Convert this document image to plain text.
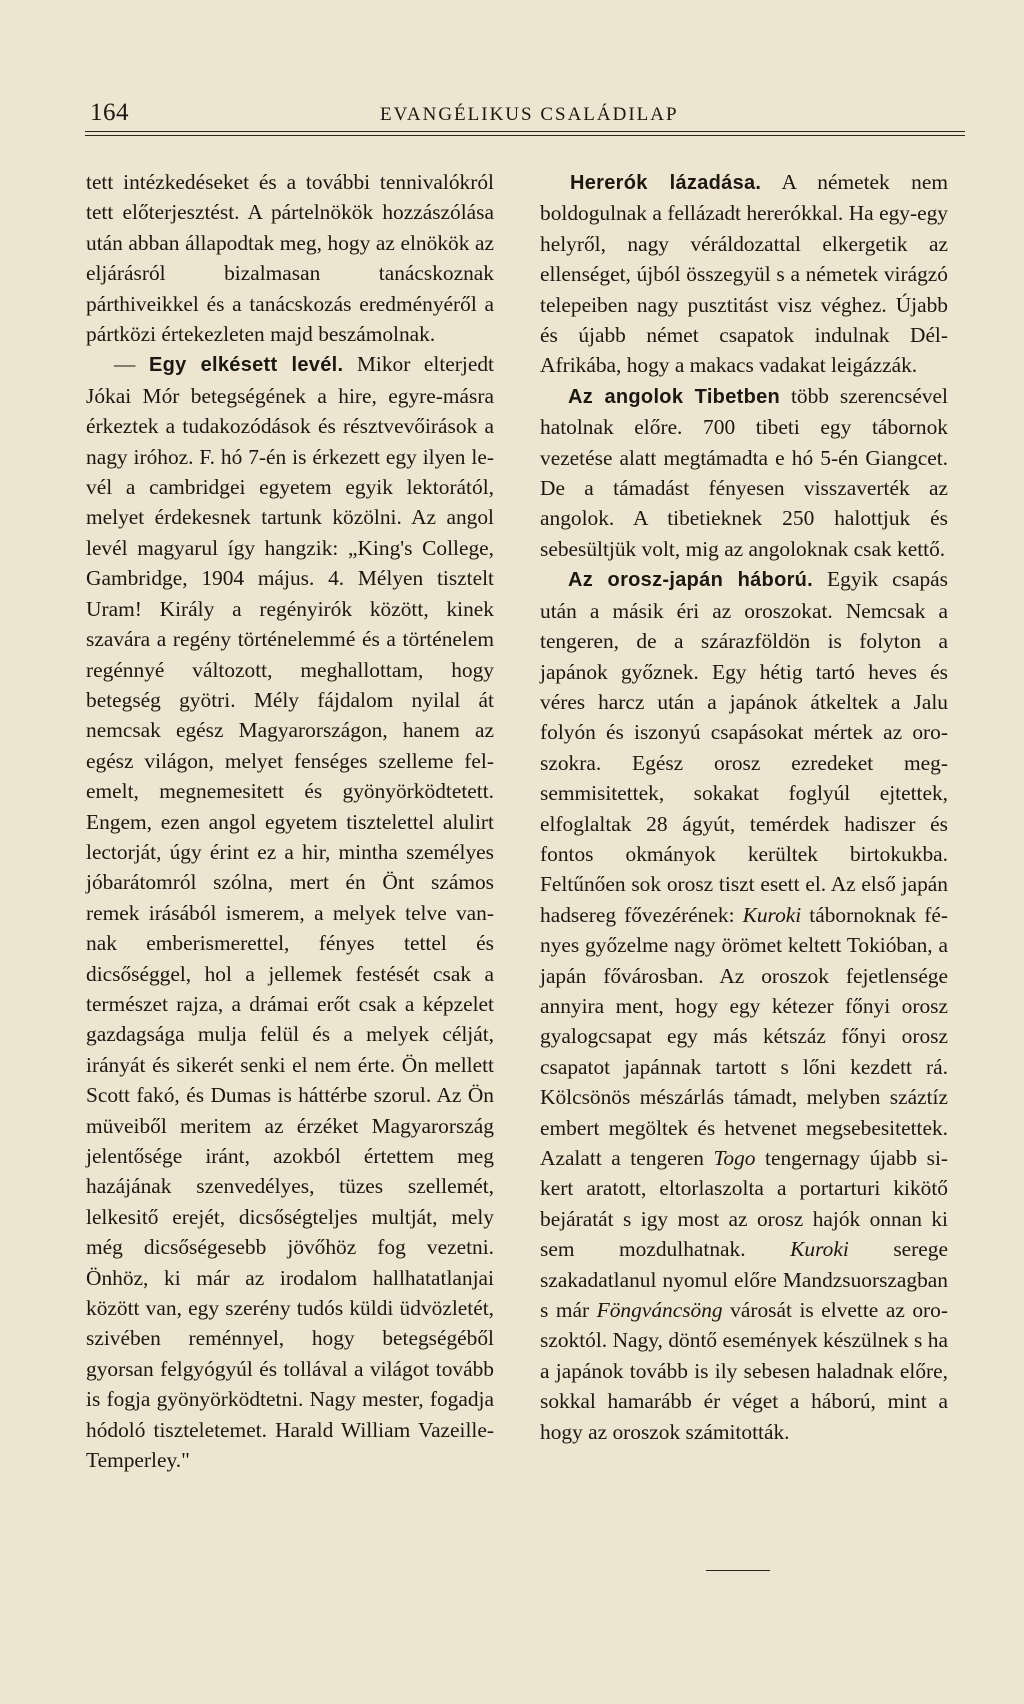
164	EVANGÉLIKUS CSALÁDILAP

tett intézkedéseket és a további tennivalókról tett előterjesztést. A pártelnökök hozzászólása után abban állapodtak meg, hogy az elnökök az eljárásról bizalmasan tanácskoznak párthiveikkel és a tanácskozás eredményéről a pártközi értekezleten majd beszámolnak.

— Egy elkésett levél. Mikor elterjedt Jókai Mór betegségének a hire, egyre-másra érkeztek a tudakozódások és résztvevőirások a nagy iróhoz. F. hó 7-én is érkezett egy ilyen levél a cambridgei egyetem egyik lektorától, melyet érdekesnek tartunk közölni. Az angol levél magyarul így hangzik: „King's College, Gambridge, 1904 május. 4. Mélyen tisztelt Uram! Király a regényirók között, kinek szavára a regény történelemmé és a történelem regénnyé változott, meghallottam, hogy betegség gyötri. Mély fájdalom nyilal át nemcsak egész Magyarországon, hanem az egész világon, melyet fenséges szelleme felemelt, megnemesitett és gyönyörködtetett. Engem, ezen angol egyetem tisztelettel alulirt lectorját, úgy érint ez a hir, mintha személyes jóbarátomról szólna, mert én Önt számos remek irásából ismerem, a melyek telve vannak emberismerettel, fényes tettel és dicsőséggel, hol a jellemek festését csak a természet rajza, a drámai erőt csak a képzelet gazdagsága mulja felül és a melyek célját, irányát és sikerét senki el nem érte. Ön mellett Scott fakó, és Dumas is háttérbe szorul. Az Ön müveiből meritem az érzéket Magyarország jelentősége iránt, azokból értettem meg hazájának szenvedélyes, tüzes szellemét, lelkesitő erejét, dicsőségteljes multját, mely még dicsőségesebb jövőhöz fog vezetni. Önhöz, ki már az irodalom hallhatatlanjai között van, egy szerény tudós küldi üdvözletét, szivében reménnyel, hogy betegségéből gyorsan felgyógyúl és tollával a világot tovább is fogja gyönyörködtetni. Nagy mester, fogadja hódoló tiszteletemet. Harald William Vazeille-Temperley."

Hererók lázadása. A németek nem boldogulnak a fellázadt hererókkal. Ha egy-egy helyről, nagy véráldozattal elkergetik az ellenséget, újból összegyül s a németek virágzó telepeiben nagy pusztitást visz véghez. Újabb és újabb német csapatok indulnak Dél-Afrikába, hogy a makacs vadakat leigázzák.

Az angolok Tibetben több szerencsével hatolnak előre. 700 tibeti egy tábornok vezetése alatt megtámadta e hó 5-én Giangcet. De a támadást fényesen visszaverték az angolok. A tibetieknek 250 halottjuk és sebesültjük volt, mig az angoloknak csak kettő.

Az orosz-japán háború. Egyik csapás után a másik éri az oroszokat. Nemcsak a tengeren, de a szárazföldön is folyton a japánok győznek. Egy hétig tartó heves és véres harcz után a japánok átkeltek a Jalu folyón és iszonyú csapásokat mértek az oroszokra. Egész orosz ezredeket megsemmisitettek, sokakat foglyúl ejtettek, elfoglaltak 28 ágyút, temérdek hadiszer és fontos okmányok kerültek birtokukba. Feltűnően sok orosz tiszt esett el. Az első japán hadsereg fővezérének: Kuroki tábornoknak fényes győzelme nagy örömet keltett Tokióban, a japán fővárosban. Az oroszok fejetlensége annyira ment, hogy egy kétezer főnyi orosz gyalogcsapat egy más kétszáz főnyi orosz csapatot japánnak tartott s lőni kezdett rá. Kölcsönös mészárlás támadt, melyben száztíz embert megöltek és hetvenet megsebesitettek. Azalatt a tengeren Togo tengernagy újabb sikert aratott, eltorlaszolta a portarturi kikötő bejáratát s igy most az orosz hajók onnan ki sem mozdulhatnak. Kuroki serege szakadatlanul nyomul előre Mandzsuorszagban s már Föngváncsöng városát is elvette az oroszoktól. Nagy, döntő események készülnek s ha a japánok tovább is ily sebesen haladnak előre, sokkal hamarább ér véget a háború, mint a hogy az oroszok számitották.
